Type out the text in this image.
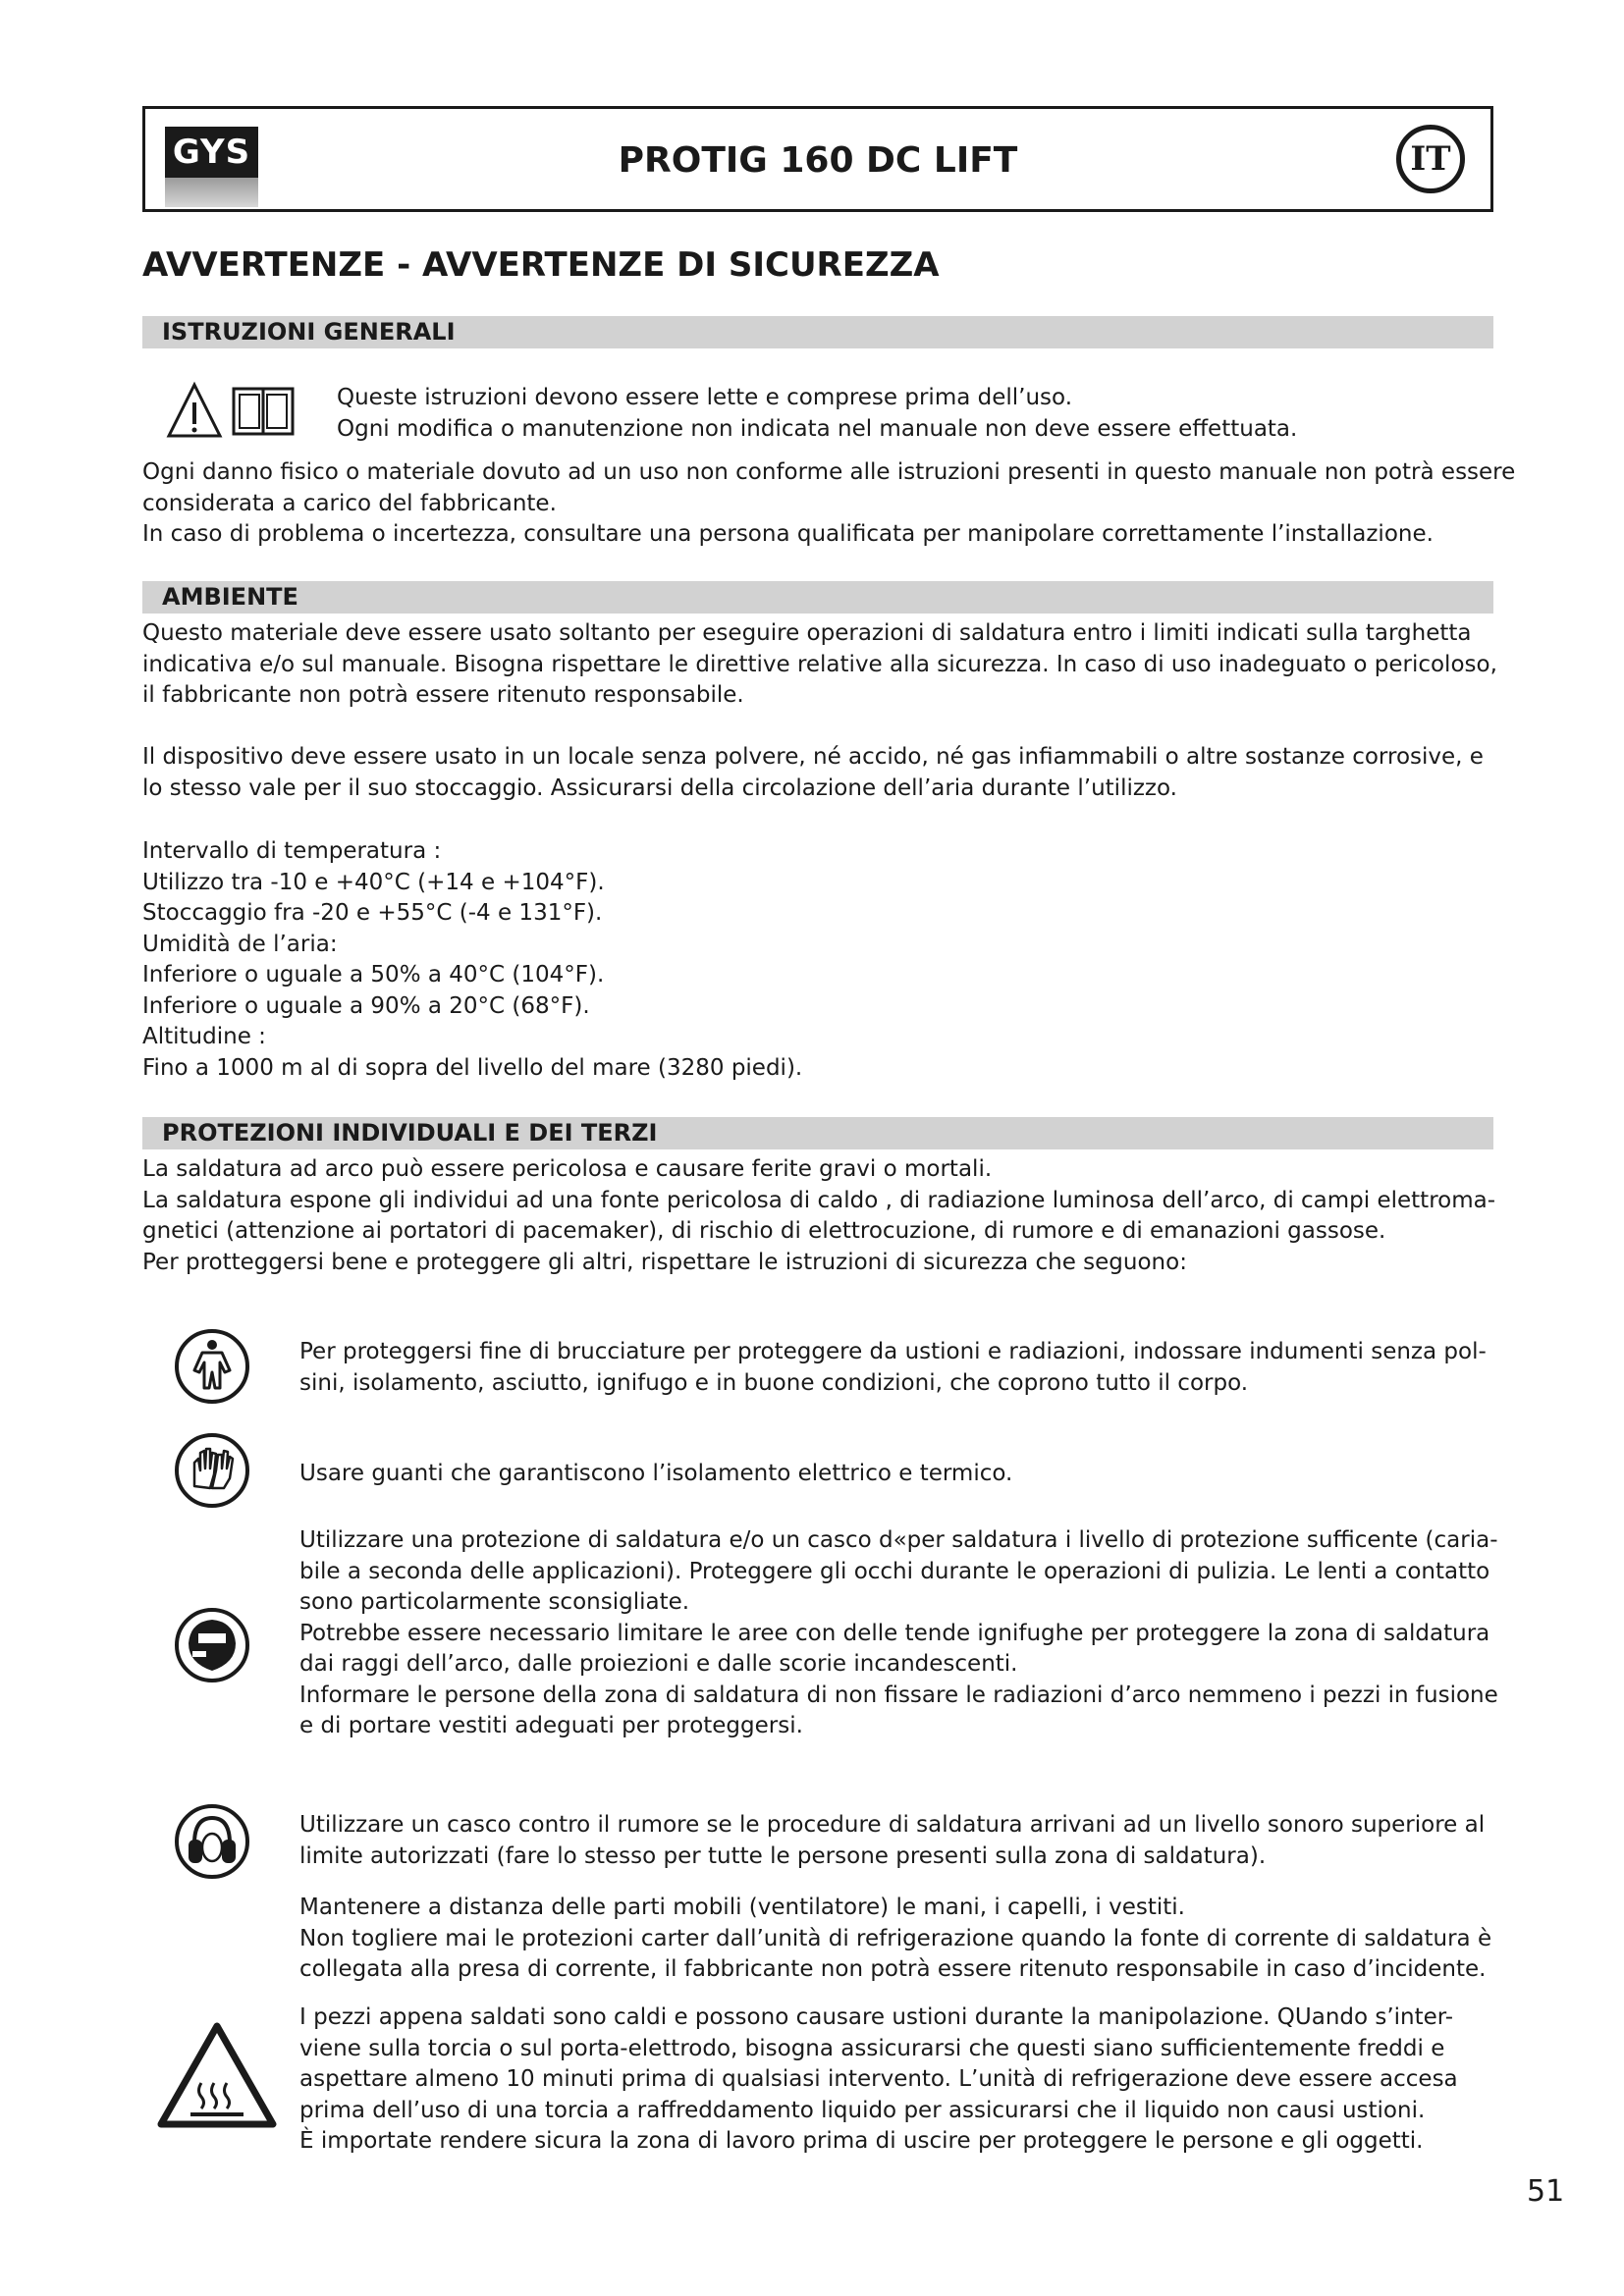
GYS	PROTIG 160 DC LIFT	IT
AVVERTENZE - AVVERTENZE DI SICUREZZA
ISTRUZIONI GENERALI

Queste istruzioni devono essere lette e comprese prima dell’uso.

Ogni modifica o manutenzione non indicata nel manuale non deve essere effettuata.

Ogni danno fisico o materiale dovuto ad un uso non conforme alle istruzioni presenti in questo manuale non potrà essere

considerata a carico del fabbricante.

In caso di problema o incertezza, consultare una persona qualificata per manipolare correttamente l’installazione.

AMBIENTE

Questo materiale deve essere usato soltanto per eseguire operazioni di saldatura entro i limiti indicati sulla targhetta

indicativa e/o sul manuale. Bisogna rispettare le direttive relative alla sicurezza. In caso di uso inadeguato o pericoloso,

il fabbricante non potrà essere ritenuto responsabile.

Il dispositivo deve essere usato in un locale senza polvere, né accido, né gas infiammabili o altre sostanze corrosive, e

lo stesso vale per il suo stoccaggio. Assicurarsi della circolazione dell’aria durante l’utilizzo.

Intervallo di temperatura :

Utilizzo tra -10 e +40°C (+14 e +104°F).

Stoccaggio fra -20 e +55°C (-4 e 131°F).

Umidità de l’aria:

Inferiore o uguale a 50% a 40°C (104°F).

Inferiore o uguale a 90% a 20°C (68°F).

Altitudine :

Fino a 1000 m al di sopra del livello del mare (3280 piedi).

PROTEZIONI INDIVIDUALI E DEI TERZI

La saldatura ad arco può essere pericolosa e causare ferite gravi o mortali.

La saldatura espone gli individui ad una fonte pericolosa di caldo , di radiazione luminosa dell’arco, di campi elettroma-

gnetici (attenzione ai portatori di pacemaker), di rischio di elettrocuzione, di rumore e di emanazioni gassose.

Per protteggersi bene e proteggere gli altri, rispettare le istruzioni di sicurezza che seguono:

Per proteggersi fine di brucciature per proteggere da ustioni e radiazioni, indossare indumenti senza pol-

sini, isolamento, asciutto, ignifugo e in buone condizioni, che coprono tutto il corpo.

Usare guanti che garantiscono l’isolamento elettrico e termico.

Utilizzare una protezione di saldatura e/o un casco d«per saldatura i livello di protezione sufficente (caria-

bile a seconda delle applicazioni). Proteggere gli occhi durante le operazioni di pulizia. Le lenti a contatto

sono particolarmente sconsigliate.

Potrebbe essere necessario limitare le aree con delle tende ignifughe per proteggere la zona di saldatura

dai raggi dell’arco, dalle proiezioni e dalle scorie incandescenti.

Informare le persone della zona di saldatura di non fissare le radiazioni d’arco nemmeno i pezzi in fusione

e di portare vestiti adeguati per proteggersi.

Utilizzare un casco contro il rumore se le procedure di saldatura arrivani ad un livello sonoro superiore al

limite autorizzati (fare lo stesso per tutte le persone presenti sulla zona di saldatura).

Mantenere a distanza delle parti mobili (ventilatore) le mani, i capelli, i vestiti.

Non togliere mai le protezioni carter dall’unità di refrigerazione quando la fonte di corrente di saldatura è

collegata alla presa di corrente, il fabbricante non potrà essere ritenuto responsabile in caso d’incidente.

I pezzi appena saldati sono caldi e possono causare ustioni durante la manipolazione. QUando s’inter-

viene sulla torcia o sul porta-elettrodo, bisogna assicurarsi che questi siano sufficientemente freddi e

aspettare almeno 10 minuti prima di qualsiasi intervento. L’unità di refrigerazione deve essere accesa

prima dell’uso di una torcia a raffreddamento liquido per assicurarsi che il liquido non causi ustioni.

È importate rendere sicura la zona di lavoro prima di uscire per proteggere le persone e gli oggetti.

51
